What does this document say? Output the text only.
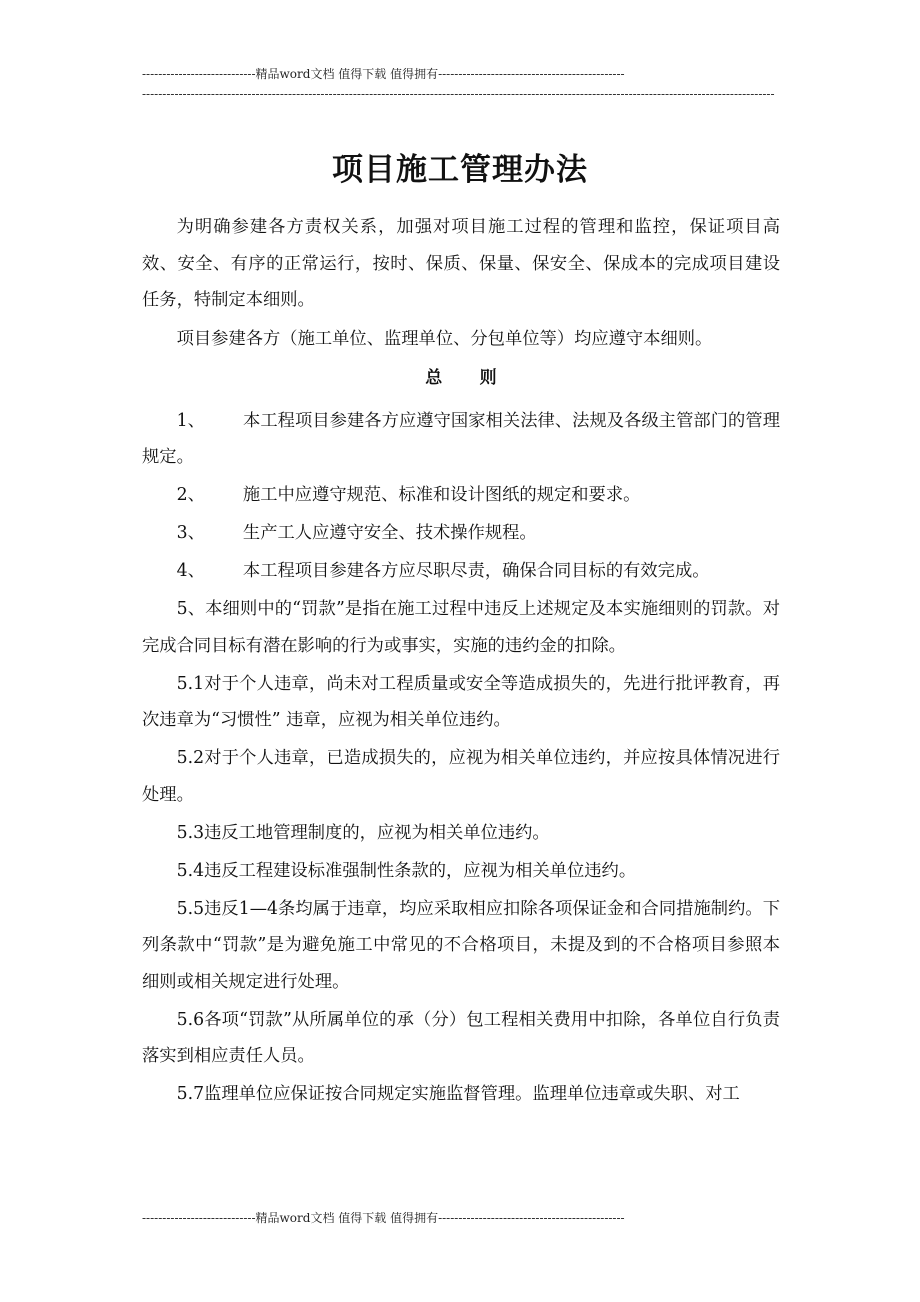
----------------------------精品word文档 值得下载 值得拥有----------------------------------------------
------------------------------------------------------------------------------------------------------------------------------------------------------------
项目施工管理办法

为明确参建各方责权关系，加强对项目施工过程的管理和监控，保证项目高效、安全、有序的正常运行，按时、保质、保量、保安全、保成本的完成项目建设任务，特制定本细则。

项目参建各方（施工单位、监理单位、分包单位等）均应遵守本细则。

总则

1、 本工程项目参建各方应遵守国家相关法律、法规及各级主管部门的管理规定。

2、 施工中应遵守规范、标准和设计图纸的规定和要求。

3、 生产工人应遵守安全、技术操作规程。

4、 本工程项目参建各方应尽职尽责，确保合同目标的有效完成。

5、本细则中的“罚款”是指在施工过程中违反上述规定及本实施细则的罚款。对完成合同目标有潜在影响的行为或事实，实施的违约金的扣除。

5.1对于个人违章，尚未对工程质量或安全等造成损失的，先进行批评教育，再次违章为“习惯性” 违章，应视为相关单位违约。

5.2对于个人违章，已造成损失的，应视为相关单位违约，并应按具体情况进行处理。

5.3违反工地管理制度的，应视为相关单位违约。

5.4违反工程建设标准强制性条款的，应视为相关单位违约。

5.5违反1—4条均属于违章，均应采取相应扣除各项保证金和合同措施制约。下列条款中“罚款”是为避免施工中常见的不合格项目，未提及到的不合格项目参照本细则或相关规定进行处理。

5.6各项“罚款”从所属单位的承（分）包工程相关费用中扣除，各单位自行负责落实到相应责任人员。

5.7监理单位应保证按合同规定实施监督管理。监理单位违章或失职、对工

----------------------------精品word文档 值得下载 值得拥有----------------------------------------------
